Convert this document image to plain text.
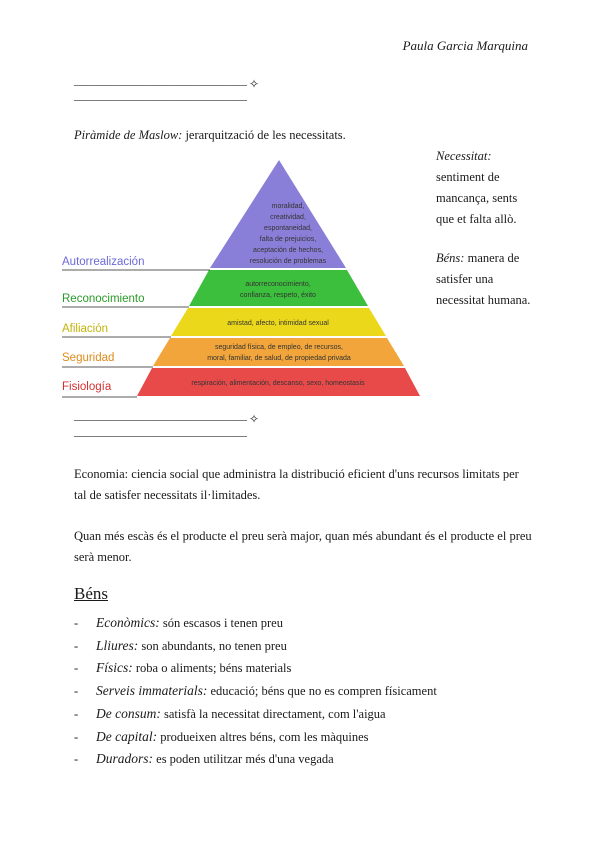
Paula Garcia Marquina
——————————————— ✧
———————————————
Piràmide de Maslow: jerarquització de les necessitats.
Necessitat:
sentiment de mancança, sents que et falta allò.
Béns: manera de satisfer una necessitat humana.
moralidad,
creatividad,
espontaneidad,
falta de prejuicios,
aceptación de hechos,
resolución de problemas
autorreconocimiento,
confianza, respeto, éxito
amistad, afecto, intimidad sexual
seguridad física, de empleo, de recursos,
moral, familiar, de salud, de propiedad privada
respiración, alimentación, descanso, sexo, homeostasis
Autorrealización
Reconocimiento
Afiliación
Seguridad
Fisiología
——————————————— ✧
———————————————
Economia: ciencia social que administra la distribució eficient d'uns recursos limitats per tal de satisfer necessitats il·limitades.
Quan més escàs és el producte el preu serà major, quan més abundant és el producte el preu serà menor.
Béns
- Econòmics: són escasos i tenen preu
- Lliures: son abundants, no tenen preu
- Físics: roba o aliments; béns materials
- Serveis immaterials: educació; béns que no es compren físicament
- De consum: satisfà la necessitat directament, com l'aigua
- De capital: produeixen altres béns, com les màquines
- Duradors: es poden utilitzar més d'una vegada
